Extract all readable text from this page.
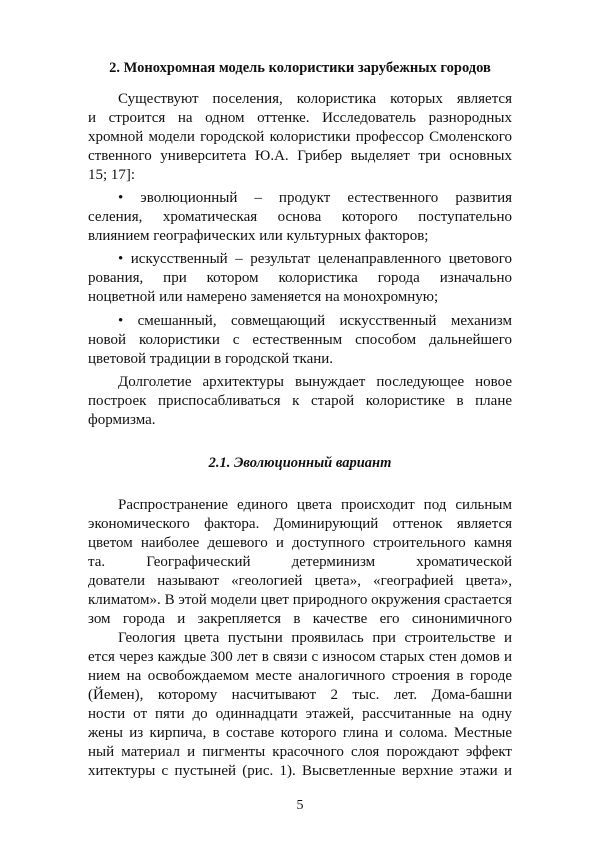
2. Монохромная модель колористики зарубежных городов
2.1. Эволюционный вариант
Существуют поселения, колористика которых является
и строится на одном оттенке. Исследователь разнородных
хромной модели городской колористики профессор Смоленского
ственного университета Ю.А. Грибер выделяет три основных
15; 17]:
• эволюционный – продукт естественного развития
селения, хроматическая основа которого поступательно
влиянием географических или культурных факторов;
• искусственный – результат целенаправленного цветового
рования, при котором колористика города изначально
ноцветной или намерено заменяется на монохромную;
• смешанный, совмещающий искусственный механизм
новой колористики с естественным способом дальнейшего
цветовой традиции в городской ткани.
Долголетие архитектуры вынуждает последующее новое
построек приспосабливаться к старой колористике в плане
формизма.
Распространение единого цвета происходит под сильным
экономического фактора. Доминирующий оттенок является
цветом наиболее дешевого и доступного строительного камня
та. Географический детерминизм хроматической
дователи называют «геологией цвета», «географией цвета»,
климатом». В этой модели цвет природного окружения срастается
зом города и закрепляется в качестве его синонимичного
Геология цвета пустыни проявилась при строительстве и
ется через каждые 300 лет в связи с износом старых стен домов и
нием на освобождаемом месте аналогичного строения в городе
(Йемен), которому насчитывают 2 тыс. лет. Дома-башни
ности от пяти до одиннадцати этажей, рассчитанные на одну
жены из кирпича, в составе которого глина и солома. Местные
ный материал и пигменты красочного слоя порождают эффект
хитектуры с пустыней (рис. 1). Высветленные верхние этажи и
5
